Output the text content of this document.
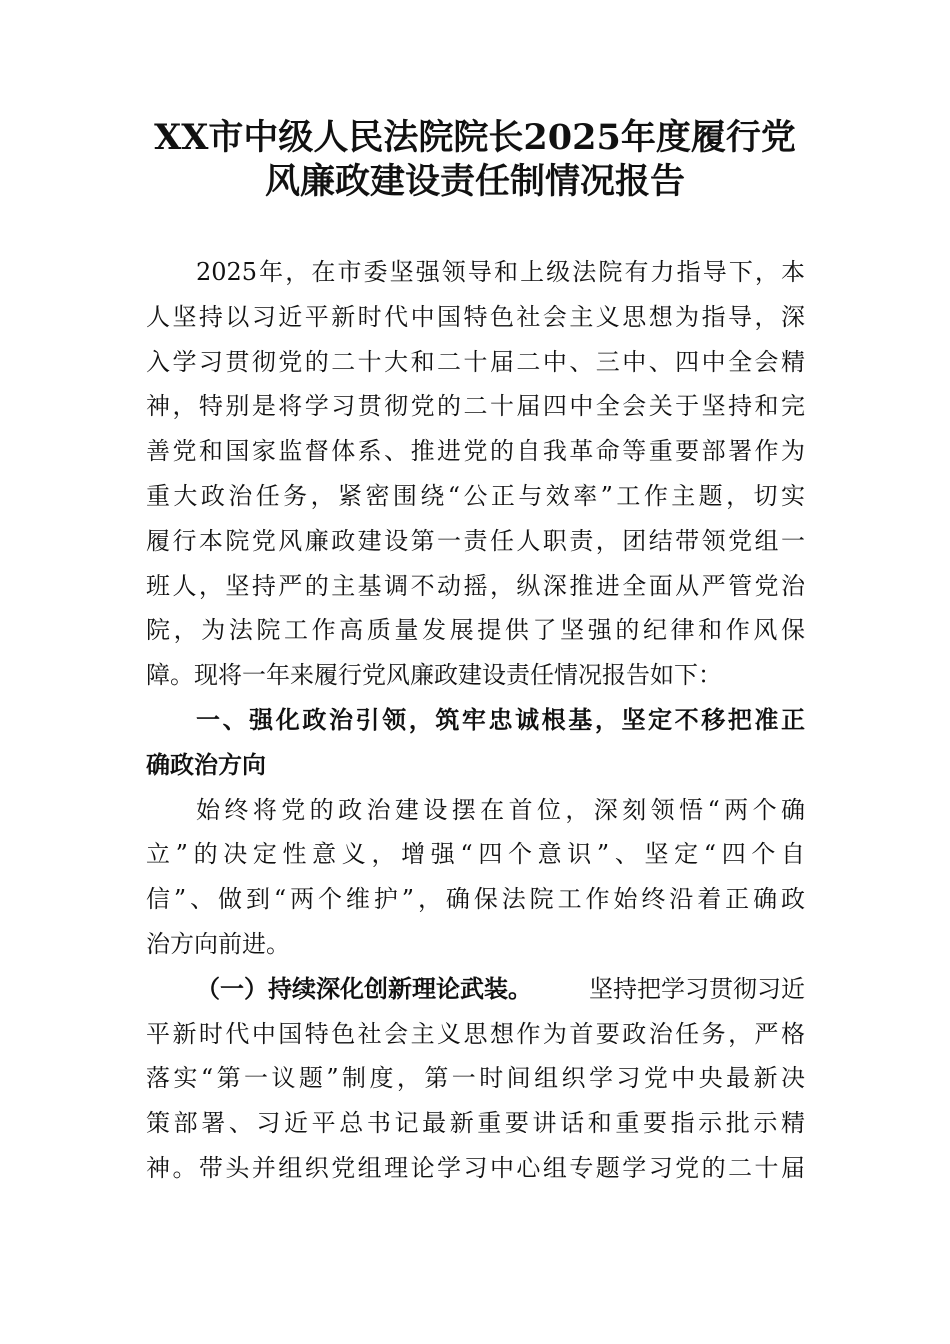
XX市中级人民法院院长2025年度履行党
风廉政建设责任制情况报告
2025年，在市委坚强领导和上级法院有力指导下，本
人坚持以习近平新时代中国特色社会主义思想为指导，深
入学习贯彻党的二十大和二十届二中、三中、四中全会精
神，特别是将学习贯彻党的二十届四中全会关于坚持和完
善党和国家监督体系、推进党的自我革命等重要部署作为
重大政治任务，紧密围绕“公正与效率”工作主题，切实
履行本院党风廉政建设第一责任人职责，团结带领党组一
班人，坚持严的主基调不动摇，纵深推进全面从严管党治
院，为法院工作高质量发展提供了坚强的纪律和作风保
障。现将一年来履行党风廉政建设责任情况报告如下：
一、强化政治引领，筑牢忠诚根基，坚定不移把准正
确政治方向
始终将党的政治建设摆在首位，深刻领悟“两个确
立”的决定性意义，增强“四个意识”、坚定“四个自
信”、做到“两个维护”，确保法院工作始终沿着正确政
治方向前进。
（一）持续深化创新理论武装。 坚持把学习贯彻习近
平新时代中国特色社会主义思想作为首要政治任务，严格
落实“第一议题”制度，第一时间组织学习党中央最新决
策部署、习近平总书记最新重要讲话和重要指示批示精
神。带头并组织党组理论学习中心组专题学习党的二十届
